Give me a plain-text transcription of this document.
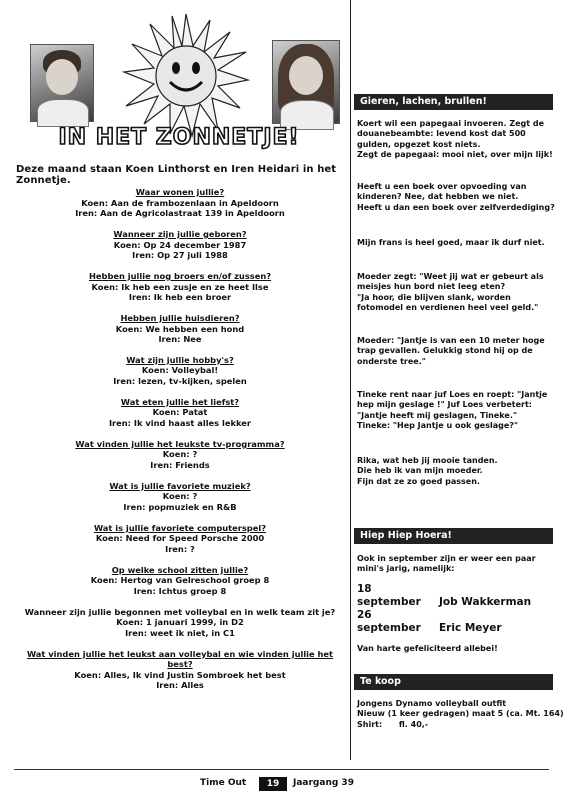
IN HET ZONNETJE!
Deze maand staan Koen Linthorst en Iren Heidari in het Zonnetje.
Waar wonen jullie?
Koen: Aan de frambozenlaan in Apeldoorn
Iren: Aan de Agricolastraat 139 in Apeldoorn
Wanneer zijn jullie geboren?
Koen: Op 24 december 1987
Iren: Op 27 juli 1988
Hebben jullie nog broers en/of zussen?
Koen: Ik heb een zusje en ze heet Ilse
Iren: Ik heb een broer
Hebben jullie huisdieren?
Koen: We hebben een hond
Iren: Nee
Wat zijn jullie hobby's?
Koen: Volleybal!
Iren: lezen, tv-kijken, spelen
Wat eten jullie het liefst?
Koen: Patat
Iren: Ik vind haast alles lekker
Wat vinden jullie het leukste tv-programma?
Koen: ?
Iren: Friends
Wat is jullie favoriete muziek?
Koen: ?
Iren: popmuziek en R&B
Wat is jullie favoriete computerspel?
Koen: Need for Speed Porsche 2000
Iren: ?
Op welke school zitten jullie?
Koen: Hertog van Gelreschool groep 8
Iren: Ichtus groep 8
Wanneer zijn jullie begonnen met volleybal en in welk team zit je?
Koen: 1 januari 1999, in D2
Iren: weet ik niet, in C1
Wat vinden jullie het leukst aan volleybal en wie vinden jullie het best?
Koen: Alles, Ik vind Justin Sombroek het best
Iren: Alles
Gieren, lachen, brullen!
Koert wil een papegaai invoeren. Zegt de douanebeambte: levend kost dat 500 gulden, opgezet kost niets.
Zegt de papegaai: mooi niet, over mijn lijk!
Heeft u een boek over opvoeding van kinderen? Nee, dat hebben we niet.
Heeft u dan een boek over zelfverdediging?
Mijn frans is heel goed, maar ik durf niet.
Moeder zegt: "Weet jij wat er gebeurt als meisjes hun bord niet leeg eten?
"Ja hoor, die blijven slank, worden fotomodel en verdienen heel veel geld."
Moeder: "Jantje is van een 10 meter hoge trap gevallen. Gelukkig stond hij op de onderste tree."
Tineke rent naar juf Loes en roept: "Jantje hep mijn geslage !" Juf Loes verbetert: "Jantje heeft mij geslagen, Tineke."
Tineke: "Hep Jantje u ook geslage?"
Rika, wat heb jij mooie tanden.
Die heb ik van mijn moeder.
Fijn dat ze zo goed passen.
Hiep Hiep Hoera!
Ook in september zijn er weer een paar mini's jarig, namelijk:
18 september Job Wakkerman
26 september Eric Meyer
Van harte gefeliciteerd allebei!
Te koop
Jongens Dynamo volleyball outfit
Nieuw (1 keer gedragen) maat 5 (ca. Mt. 164)
Shirt:      fl. 40,-
Time Out	19	Jaargang 39
